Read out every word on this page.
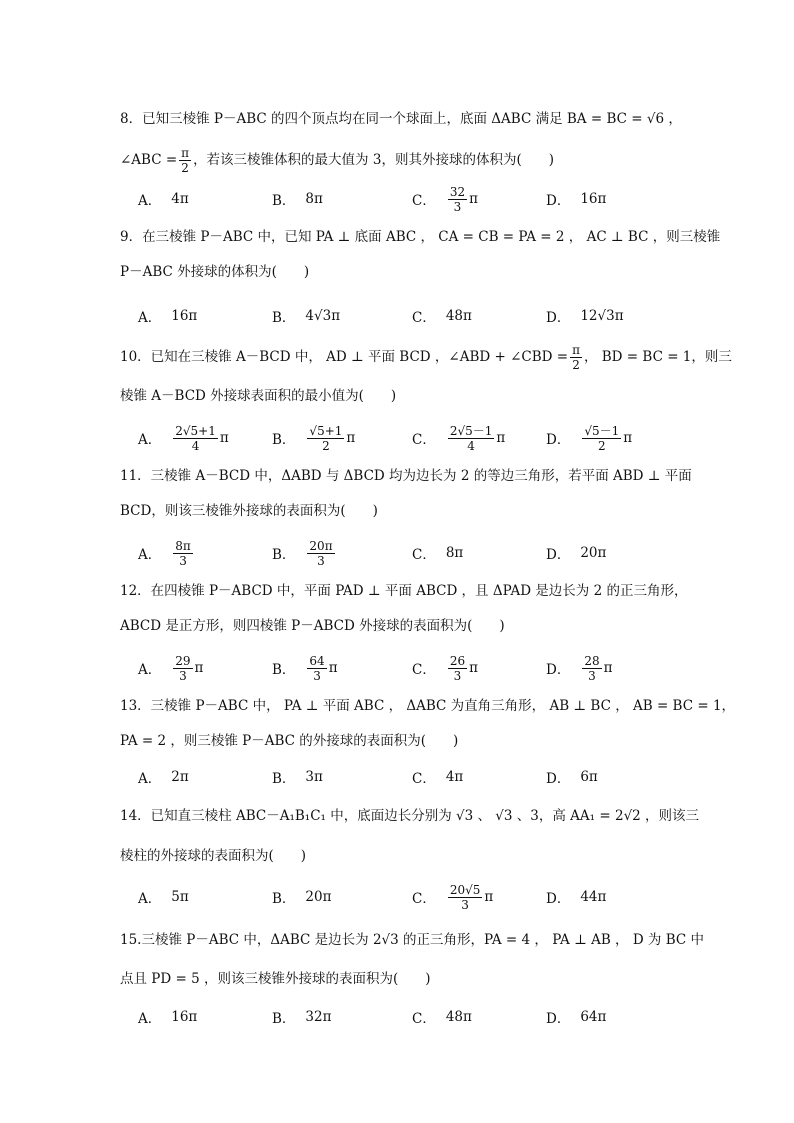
8．已知三棱锥 P－ABC 的四个顶点均在同一个球面上，底面 ΔABC 满足 BA = BC = √6 ，
∠ABC = $\frac{\pi}{2}$ ，若该三棱锥体积的最大值为 3，则其外接球的体积为(　　)
A． 4π	B． 8π	C． $\frac{32}{3}$ π	D． 16π
9．在三棱锥 P－ABC 中，已知 PA ⊥ 底面 ABC ， CA = CB = PA = 2 ， AC ⊥ BC ，则三棱锥
P－ABC 外接球的体积为(　　)
A． 16π	B． 4√3π	C． 48π	D． 12√3π
10．已知在三棱锥 A－BCD 中， AD ⊥ 平面 BCD ，∠ABD + ∠CBD = $\frac{\pi}{2}$ ， BD = BC = 1，则三
棱锥 A－BCD 外接球表面积的最小值为(　　)
A． $\frac{2√5+1}{4}$ π	B． $\frac{√5+1}{2}$ π	C． $\frac{2√5-1}{4}$ π	D． $\frac{√5-1}{2}$ π
11．三棱锥 A－BCD 中，ΔABD 与 ΔBCD 均为边长为 2 的等边三角形，若平面 ABD ⊥ 平面
BCD，则该三棱锥外接球的表面积为(　　)
A． $\frac{8\pi}{3}$	B． $\frac{20\pi}{3}$	C． 8π	D． 20π
12．在四棱锥 P－ABCD 中，平面 PAD ⊥ 平面 ABCD ，且 ΔPAD 是边长为 2 的正三角形，
ABCD 是正方形，则四棱锥 P－ABCD 外接球的表面积为(　　)
A． $\frac{29}{3}$ π	B． $\frac{64}{3}$ π	C． $\frac{26}{3}$ π	D． $\frac{28}{3}$ π
13．三棱锥 P－ABC 中， PA ⊥ 平面 ABC ， ΔABC 为直角三角形， AB ⊥ BC ， AB = BC = 1，
PA = 2 ，则三棱锥 P－ABC 的外接球的表面积为(　　)
A． 2π	B． 3π	C． 4π	D． 6π
14．已知直三棱柱 ABC－A₁B₁C₁ 中，底面边长分别为 √3 、 √3 、3，高 AA₁ = 2√2 ，则该三
棱柱的外接球的表面积为(　　)
A． 5π	B． 20π	C． $\frac{20√5}{3}$ π	D． 44π
15.三棱锥 P－ABC 中，ΔABC 是边长为 2√3 的正三角形，PA = 4 ， PA ⊥ AB ， D 为 BC 中
点且 PD = 5 ，则该三棱锥外接球的表面积为(　　)
A． 16π	B． 32π	C． 48π	D． 64π
